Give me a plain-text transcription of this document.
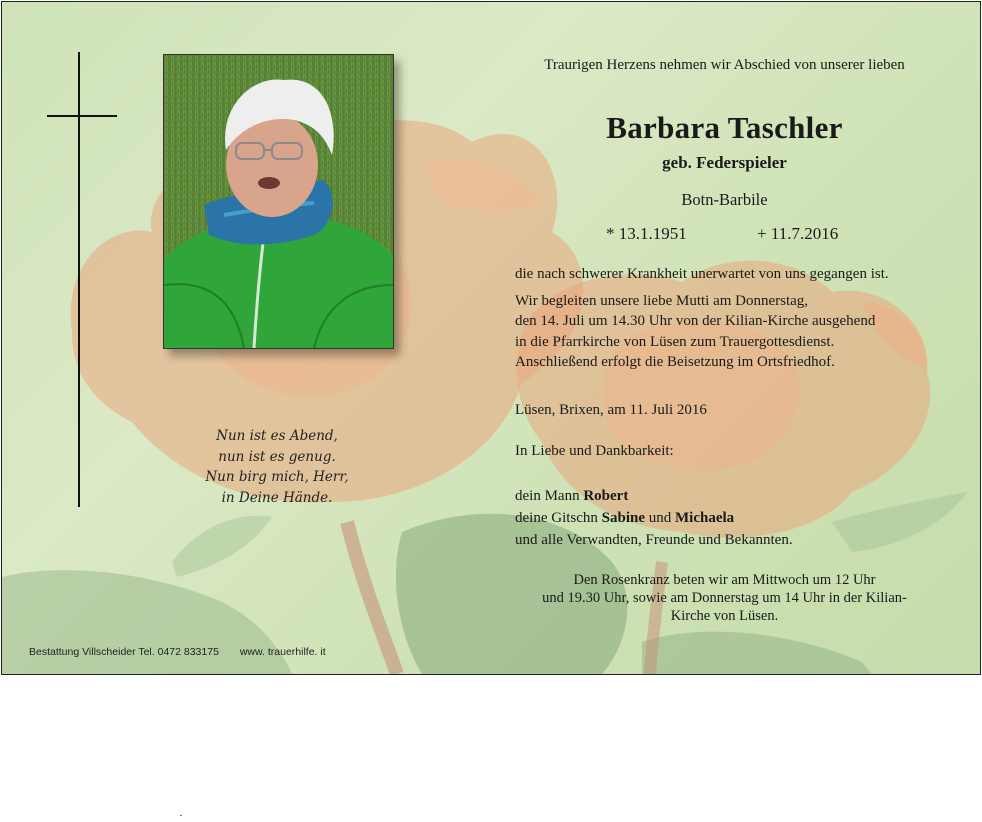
Nun ist es Abend,
nun ist es genug.
Nun birg mich, Herr,
in Deine Hände.
Traurigen Herzens nehmen wir Abschied von unserer lieben
Barbara Taschler
geb. Federspieler
Botn-Barbile
* 13.1.1951	+ 11.7.2016
die nach schwerer Krankheit unerwartet von uns gegangen ist.
Wir begleiten unsere liebe Mutti am Donnerstag,
den 14. Juli um 14.30 Uhr von der Kilian-Kirche ausgehend
in die Pfarrkirche von Lüsen zum Trauergottesdienst.
Anschließend erfolgt die Beisetzung im Ortsfriedhof.
Lüsen, Brixen, am 11. Juli 2016
In Liebe und Dankbarkeit:
dein Mann Robert
deine Gitschn Sabine und Michaela
und alle Verwandten, Freunde und Bekannten.
Den Rosenkranz beten wir am Mittwoch um 12 Uhr
und 19.30 Uhr, sowie am Donnerstag um 14 Uhr in der Kilian-
Kirche von Lüsen.
Bestattung Villscheider Tel. 0472 833175 www. trauerhilfe. it
